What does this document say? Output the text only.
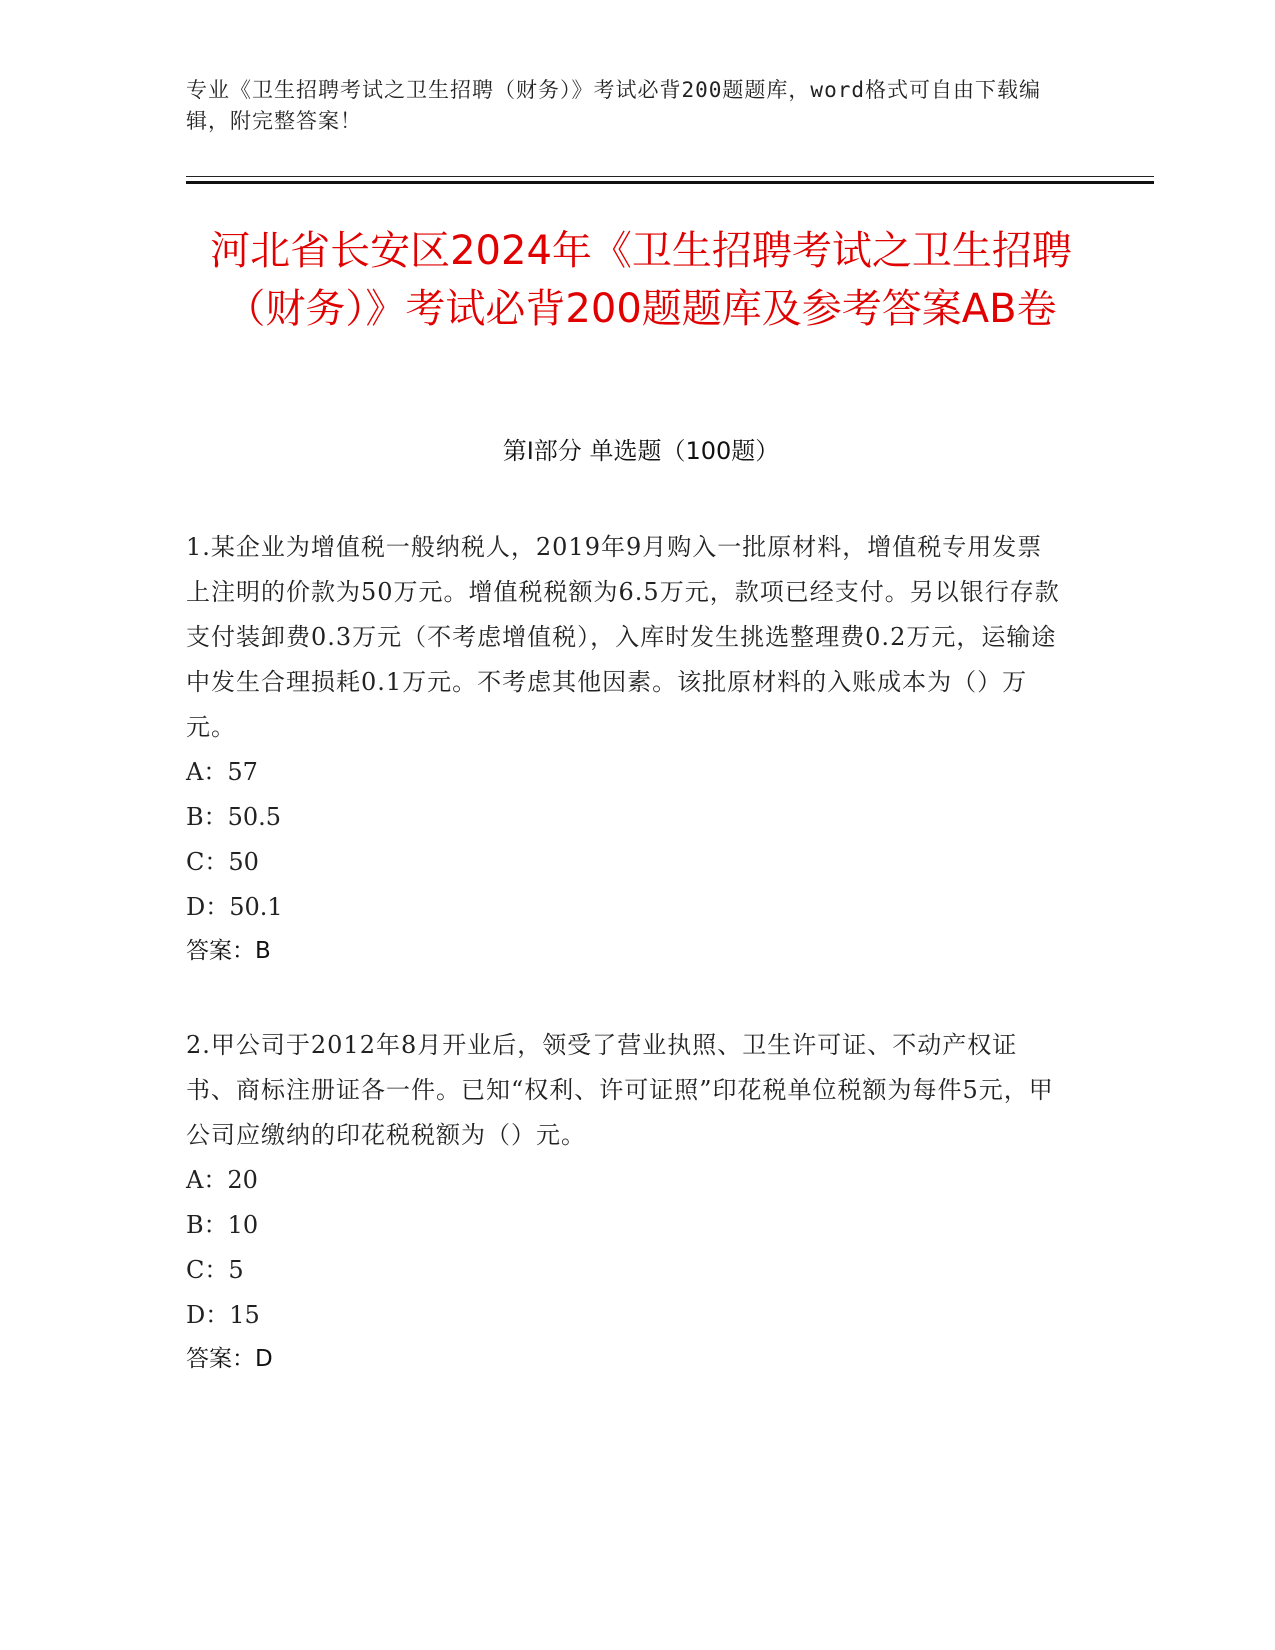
专业《卫生招聘考试之卫生招聘（财务）》考试必背200题题库，word格式可自由下载编辑，附完整答案！
河北省长安区2024年《卫生招聘考试之卫生招聘（财务）》考试必背200题题库及参考答案AB卷
第I部分 单选题（100题）

1.某企业为增值税一般纳税人，2019年9月购入一批原材料，增值税专用发票上注明的价款为50万元。增值税税额为6.5万元，款项已经支付。另以银行存款支付装卸费0.3万元（不考虑增值税），入库时发生挑选整理费0.2万元，运输途中发生合理损耗0.1万元。不考虑其他因素。该批原材料的入账成本为（）万元。

A：57

B：50.5

C：50

D：50.1

答案：B

2.甲公司于2012年8月开业后，领受了营业执照、卫生许可证、不动产权证书、商标注册证各一件。已知“权利、许可证照”印花税单位税额为每件5元，甲公司应缴纳的印花税税额为（）元。

A：20

B：10

C：5

D：15

答案：D
